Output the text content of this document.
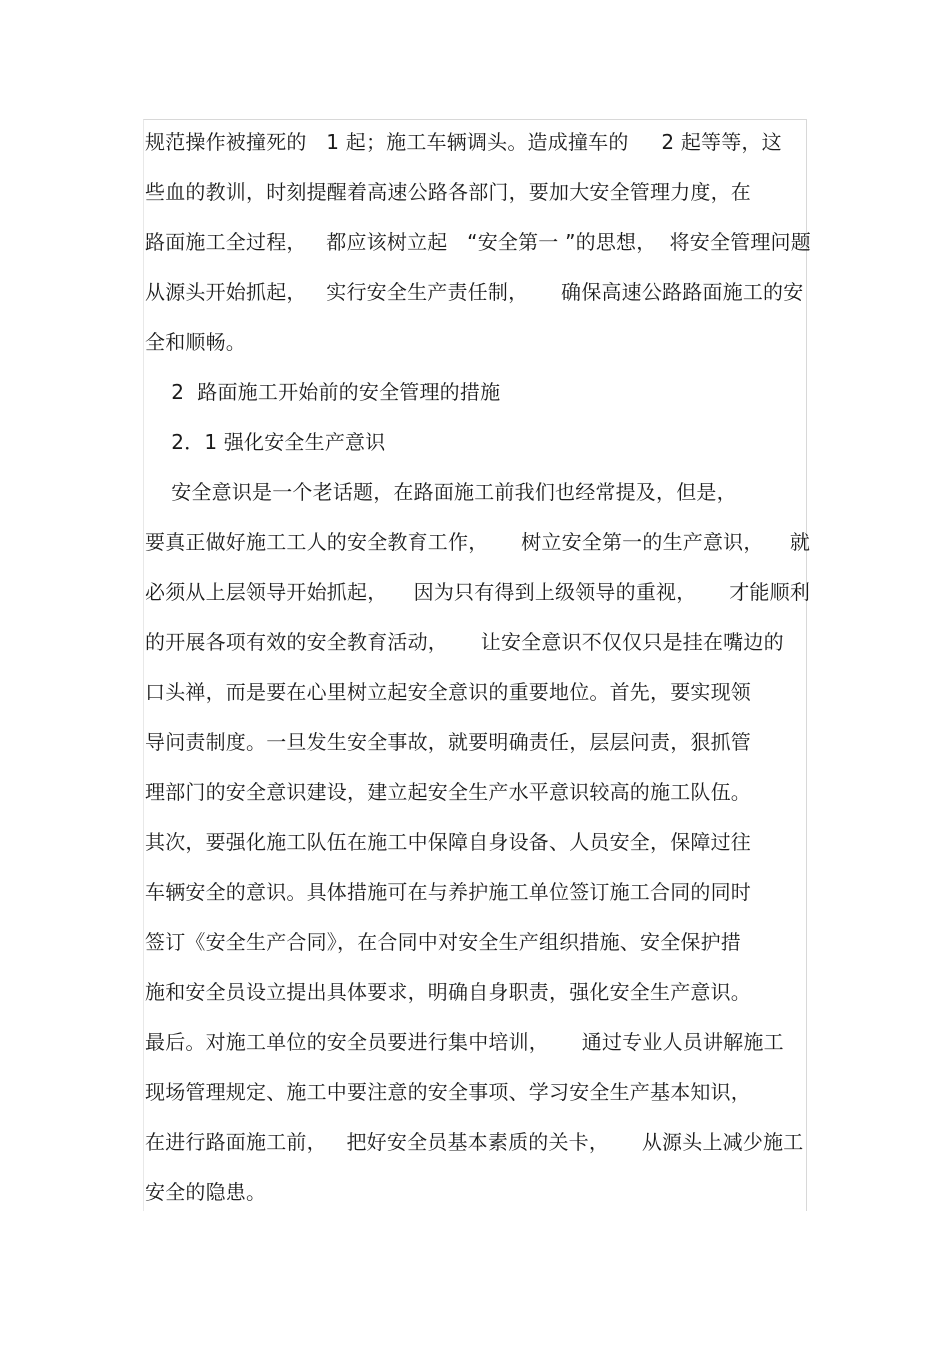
规范操作被撞死的   1 起；施工车辆调头。造成撞车的     2 起等等，这
些血的教训，时刻提醒着高速公路各部门，要加大安全管理力度，在
路面施工全过程，   都应该树立起   “安全第一 ”的思想，  将安全管理问题
从源头开始抓起，   实行安全生产责任制，     确保高速公路路面施工的安
全和顺畅。
2  路面施工开始前的安全管理的措施
2．1 强化安全生产意识
安全意识是一个老话题，在路面施工前我们也经常提及，但是，
要真正做好施工工人的安全教育工作，     树立安全第一的生产意识，    就
必须从上层领导开始抓起，    因为只有得到上级领导的重视，     才能顺利
的开展各项有效的安全教育活动，     让安全意识不仅仅只是挂在嘴边的
口头禅，而是要在心里树立起安全意识的重要地位。首先，要实现领
导问责制度。一旦发生安全事故，就要明确责任，层层问责，狠抓管
理部门的安全意识建设，建立起安全生产水平意识较高的施工队伍。
其次，要强化施工队伍在施工中保障自身设备、人员安全，保障过往
车辆安全的意识。具体措施可在与养护施工单位签订施工合同的同时
签订《安全生产合同》，在合同中对安全生产组织措施、安全保护措
施和安全员设立提出具体要求，明确自身职责，强化安全生产意识。
最后。对施工单位的安全员要进行集中培训，     通过专业人员讲解施工
现场管理规定、施工中要注意的安全事项、学习安全生产基本知识，
在进行路面施工前，   把好安全员基本素质的关卡，     从源头上减少施工
安全的隐患。
